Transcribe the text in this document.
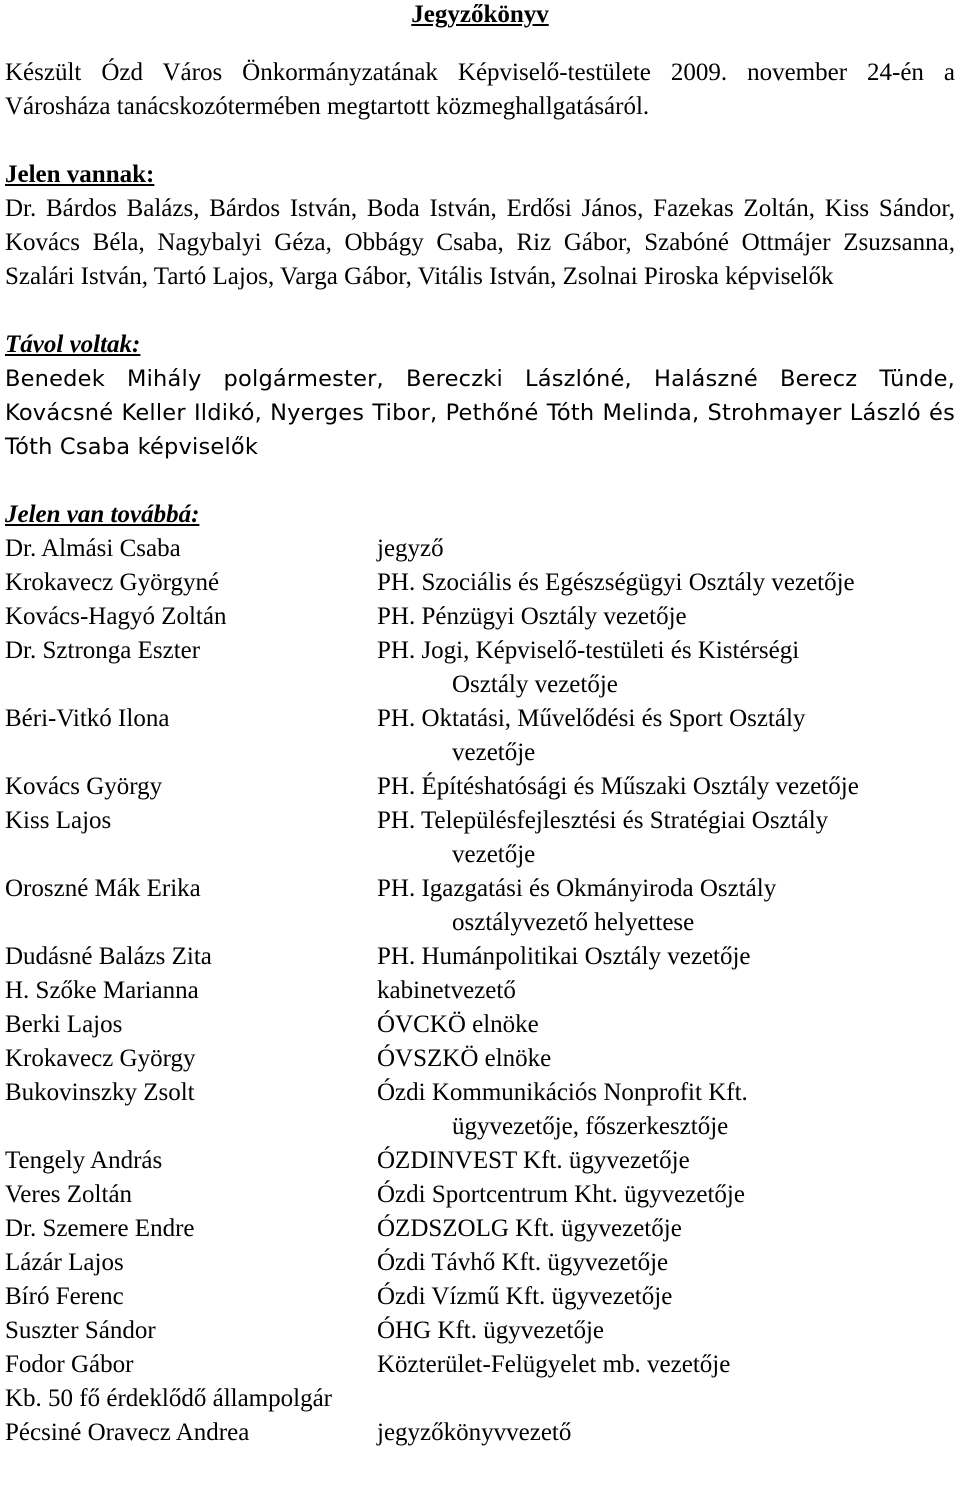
Jegyzőkönyv

Készült Ózd Város Önkormányzatának Képviselő-testülete 2009. november 24-én a Városháza tanácskozótermében megtartott közmeghallgatásáról.

Jelen vannak:

Dr. Bárdos Balázs, Bárdos István, Boda István, Erdősi János, Fazekas Zoltán, Kiss Sándor, Kovács Béla, Nagybalyi Géza, Obbágy Csaba, Riz Gábor, Szabóné Ottmájer Zsuzsanna, Szalári István, Tartó Lajos, Varga Gábor, Vitális István, Zsolnai Piroska képviselők

Távol voltak:

Benedek Mihály polgármester, Bereczki Lászlóné, Halászné Berecz Tünde, Kovácsné Keller Ildikó, Nyerges Tibor, Pethőné Tóth Melinda, Strohmayer László és Tóth Csaba képviselők

Jelen van továbbá:

Dr. Almási Csaba	jegyző
Krokavecz Györgyné	PH. Szociális és Egészségügyi Osztály vezetője
Kovács-Hagyó Zoltán	PH. Pénzügyi Osztály vezetője
Dr. Sztronga Eszter	PH. Jogi, Képviselő-testületi és Kistérségi
Osztály vezetője
Béri-Vitkó Ilona	PH. Oktatási, Művelődési és Sport Osztály
vezetője
Kovács György	PH. Építéshatósági és Műszaki Osztály vezetője
Kiss Lajos	PH. Településfejlesztési és Stratégiai Osztály
vezetője
Oroszné Mák Erika	PH. Igazgatási és Okmányiroda Osztály
osztályvezető helyettese
Dudásné Balázs Zita	PH. Humánpolitikai Osztály vezetője
H. Szőke Marianna	kabinetvezető
Berki Lajos	ÓVCKÖ elnöke
Krokavecz György	ÓVSZKÖ elnöke
Bukovinszky Zsolt	Ózdi Kommunikációs Nonprofit Kft.
ügyvezetője, főszerkesztője
Tengely András	ÓZDINVEST Kft. ügyvezetője
Veres Zoltán	Ózdi Sportcentrum Kht. ügyvezetője
Dr. Szemere Endre	ÓZDSZOLG Kft. ügyvezetője
Lázár Lajos	Ózdi Távhő Kft. ügyvezetője
Bíró Ferenc	Ózdi Vízmű Kft. ügyvezetője
Suszter Sándor	ÓHG Kft. ügyvezetője
Fodor Gábor	Közterület-Felügyelet mb. vezetője
Kb. 50 fő érdeklődő állampolgár
Pécsiné Oravecz Andrea	jegyzőkönyvvezető
